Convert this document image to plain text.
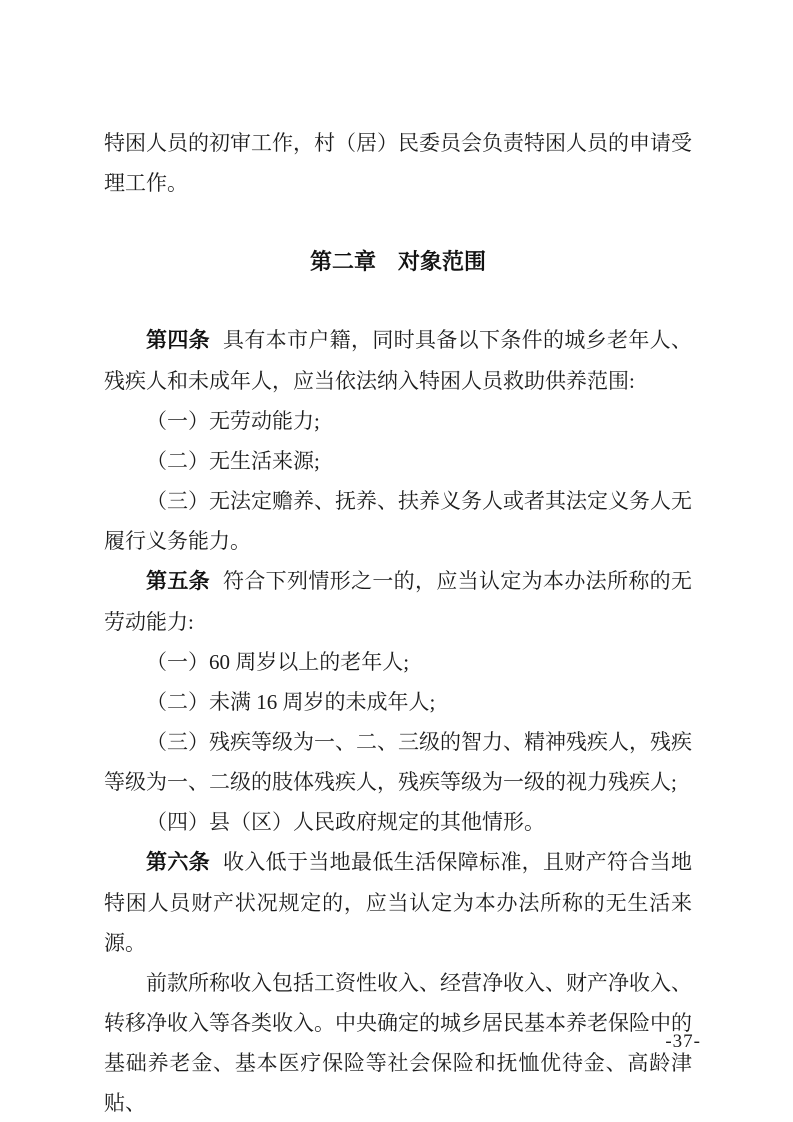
特困人员的初审工作，村（居）民委员会负责特困人员的申请受理工作。

第二章　对象范围

第四条 具有本市户籍，同时具备以下条件的城乡老年人、残疾人和未成年人，应当依法纳入特困人员救助供养范围:

（一）无劳动能力;

（二）无生活来源;

（三）无法定赡养、抚养、扶养义务人或者其法定义务人无履行义务能力。

第五条 符合下列情形之一的，应当认定为本办法所称的无劳动能力:

（一）60 周岁以上的老年人;

（二）未满 16 周岁的未成年人;

（三）残疾等级为一、二、三级的智力、精神残疾人，残疾等级为一、二级的肢体残疾人，残疾等级为一级的视力残疾人;

（四）县（区）人民政府规定的其他情形。

第六条 收入低于当地最低生活保障标准，且财产符合当地特困人员财产状况规定的，应当认定为本办法所称的无生活来源。

前款所称收入包括工资性收入、经营净收入、财产净收入、转移净收入等各类收入。中央确定的城乡居民基本养老保险中的基础养老金、基本医疗保险等社会保险和抚恤优待金、高龄津贴、

-37-
